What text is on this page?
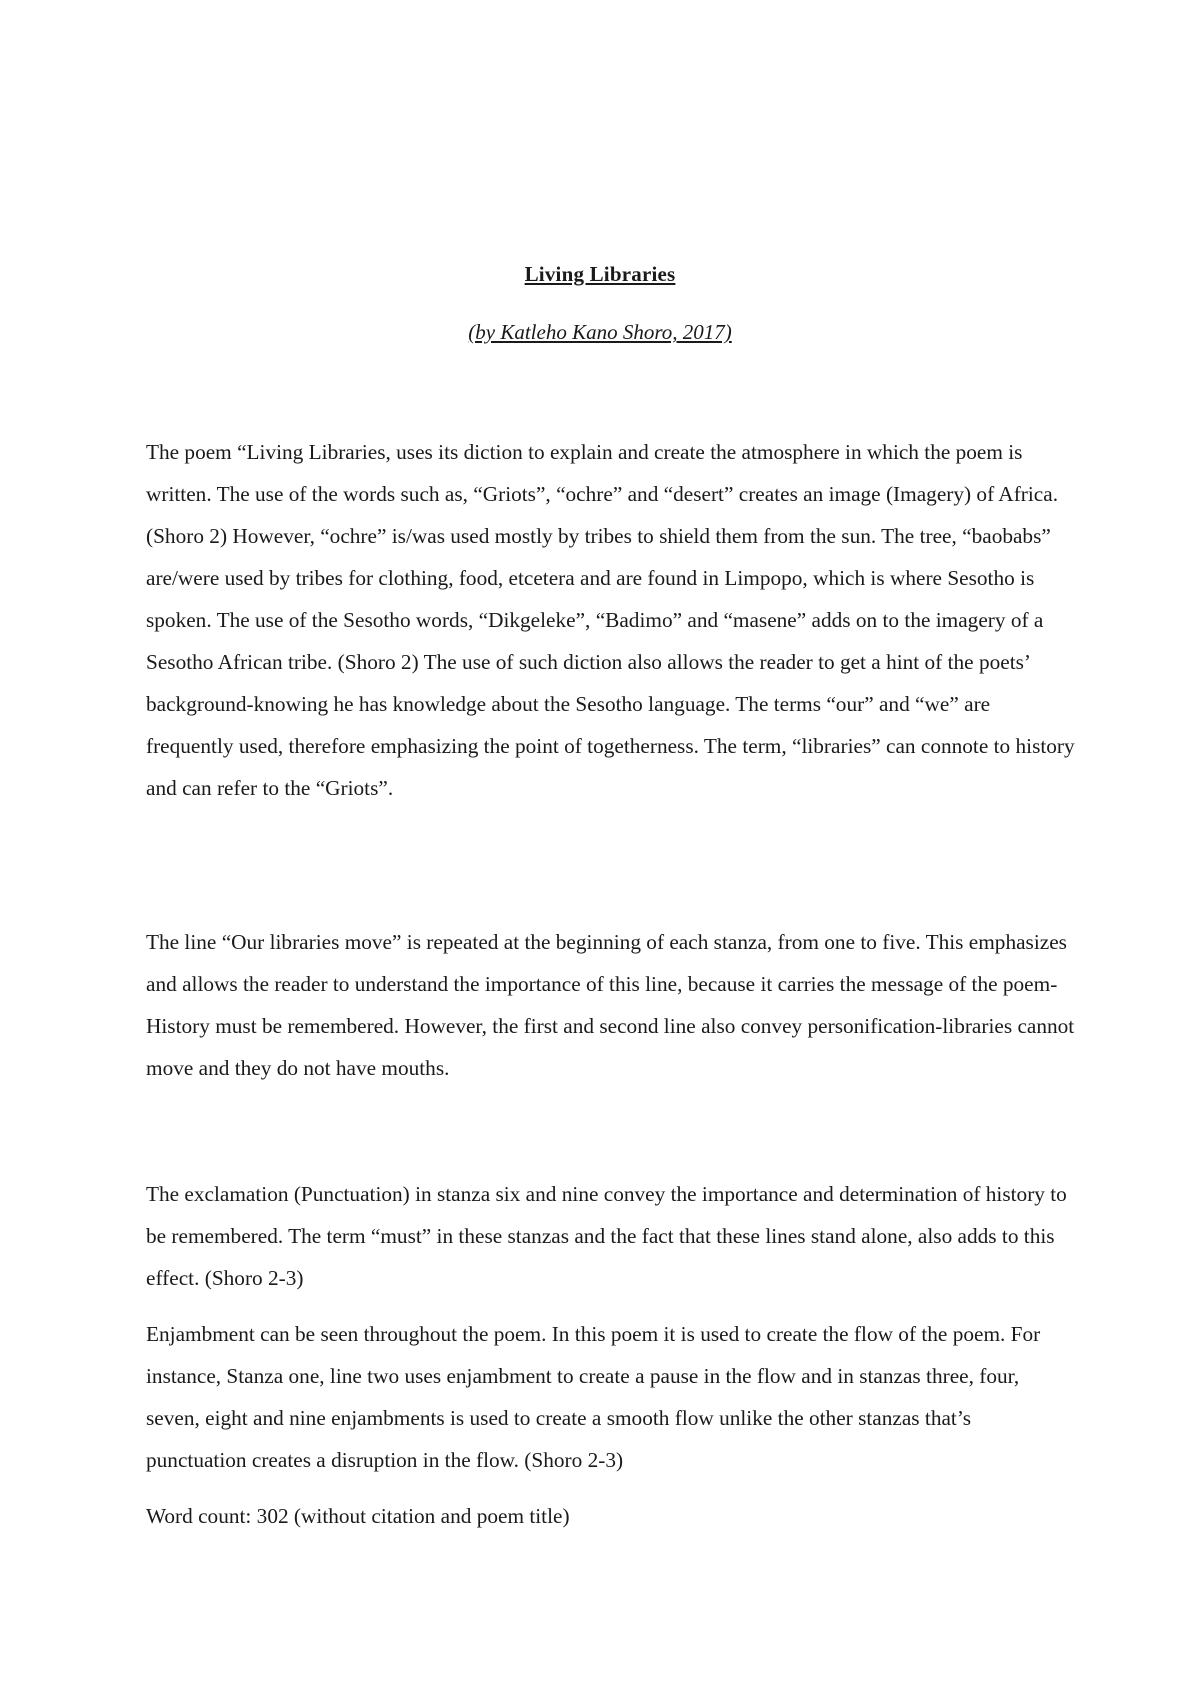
Living Libraries
(by Katleho Kano Shoro, 2017)

The poem “Living Libraries, uses its diction to explain and create the atmosphere in which the poem is written. The use of the words such as, “Griots”, “ochre” and “desert” creates an image (Imagery) of Africa. (Shoro 2) However, “ochre” is/was used mostly by tribes to shield them from the sun. The tree, “baobabs” are/were used by tribes for clothing, food, etcetera and are found in Limpopo, which is where Sesotho is spoken. The use of the Sesotho words, “Dikgeleke”, “Badimo” and “masene” adds on to the imagery of a Sesotho African tribe. (Shoro 2) The use of such diction also allows the reader to get a hint of the poets’ background-knowing he has knowledge about the Sesotho language. The terms “our” and “we” are frequently used, therefore emphasizing the point of togetherness. The term, “libraries” can connote to history and can refer to the “Griots”.

The line “Our libraries move” is repeated at the beginning of each stanza, from one to five. This emphasizes and allows the reader to understand the importance of this line, because it carries the message of the poem- History must be remembered. However, the first and second line also convey personification-libraries cannot move and they do not have mouths.

The exclamation (Punctuation) in stanza six and nine convey the importance and determination of history to be remembered. The term “must” in these stanzas and the fact that these lines stand alone, also adds to this effect. (Shoro 2-3)

Enjambment can be seen throughout the poem. In this poem it is used to create the flow of the poem. For instance, Stanza one, line two uses enjambment to create a pause in the flow and in stanzas three, four, seven, eight and nine enjambments is used to create a smooth flow unlike the other stanzas that’s punctuation creates a disruption in the flow. (Shoro 2-3)

Word count: 302 (without citation and poem title)
